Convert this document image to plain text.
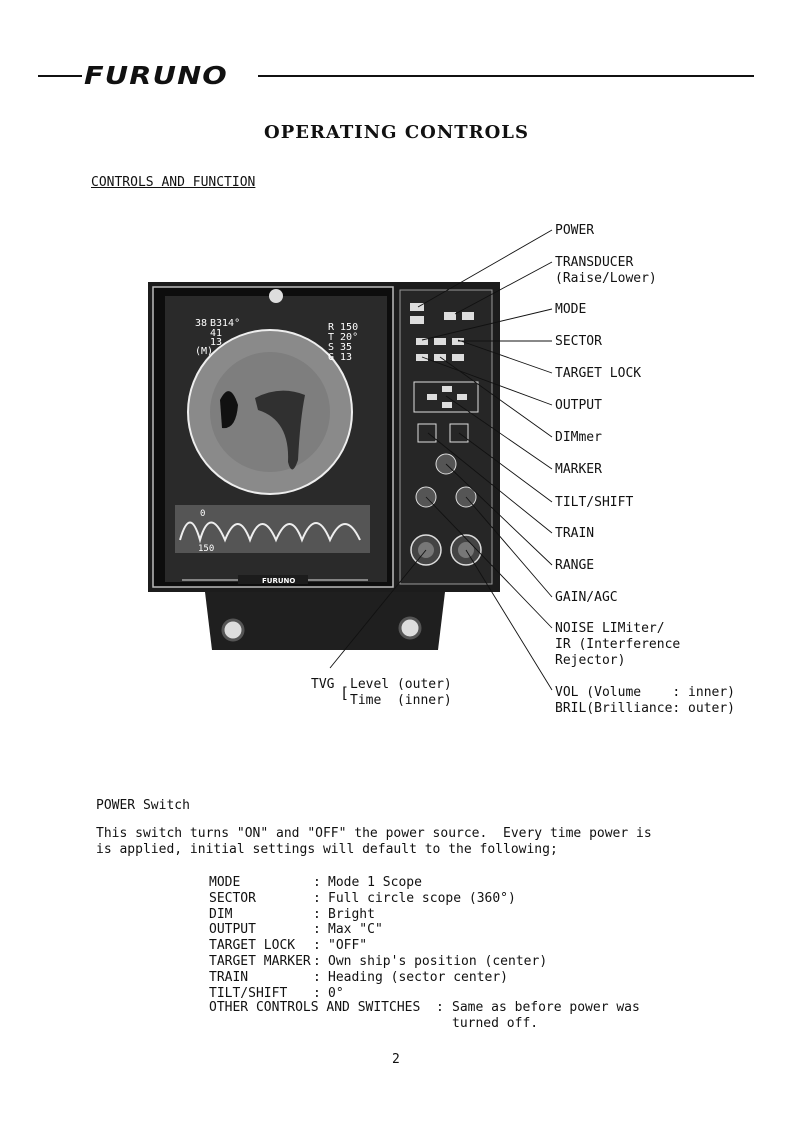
FURUNO
OPERATING CONTROLS
CONTROLS AND FUNCTION
38 B314°
41
13
(M)
R 150
T 20°
S 35
G 13
0
150
FURUNO
POWER
TRANSDUCER
(Raise/Lower)
MODE
SECTOR
TARGET LOCK
OUTPUT
DIMmer
MARKER
TILT/SHIFT
TRAIN
RANGE
GAIN/AGC
NOISE LIMiter/
IR (Interference
Rejector)
VOL (Volume    : inner)
BRIL(Brilliance: outer)
TVG [ Level (outer)
Time  (inner)
POWER Switch
This switch turns "ON" and "OFF" the power source.  Every time power is
is applied, initial settings will default to the following;
MODE	: Mode 1 Scope
SECTOR	: Full circle scope (360°)
DIM	: Bright
OUTPUT	: Max "C"
TARGET LOCK : "OFF"
TARGET MARKER : Own ship's position (center)
TRAIN	: Heading (sector center)
TILT/SHIFT : 0°
OTHER CONTROLS AND SWITCHES : Same as before power was
turned off.
2
